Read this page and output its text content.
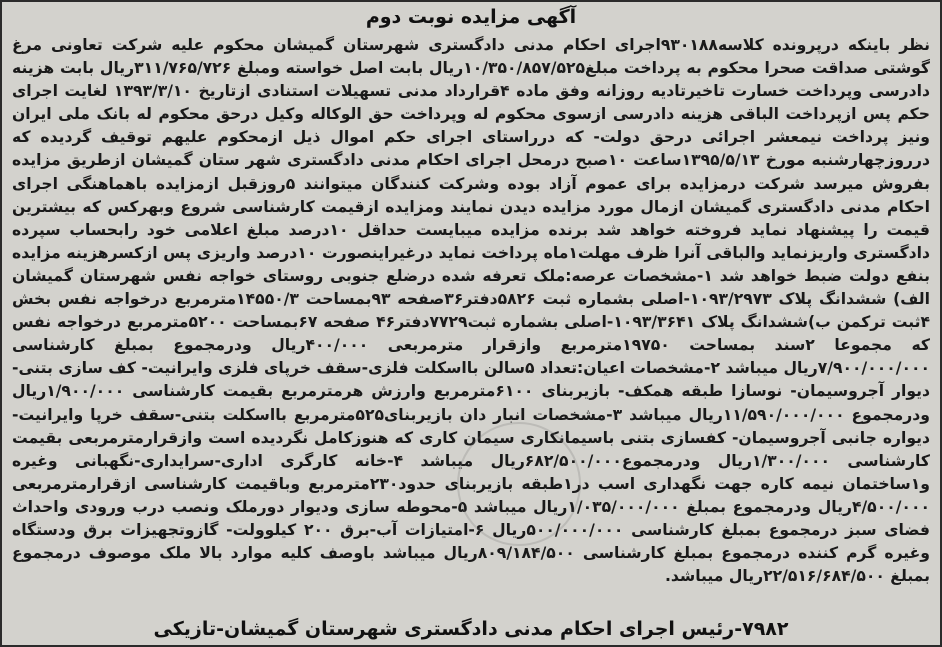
آگهی مزایده نوبت دوم
نظر باینکه درپرونده کلاسه۹۳۰۱۸۸اجرای احکام مدنی دادگستری شهرستان گمیشان محکوم علیه شرکت تعاونی مرغ گوشتی صداقت صحرا محکوم به پرداخت مبلغ۱۰/۳۵۰/۸۵۷/۵۲۵ریال بابت اصل خواسته ومبلغ ۳۱۱/۷۶۵/۷۲۶ریال بابت هزینه دادرسی وپرداخت خسارت تاخیرتادیه روزانه وفق ماده ۴قرارداد مدنی تسهیلات استنادی ازتاریخ ۱۳۹۳/۳/۱۰ لغایت اجرای حکم پس ازپرداخت الباقی هزینه دادرسی ازسوی محکوم له وپرداخت حق الوکاله وکیل درحق محکوم له بانک ملی ایران ونیز پرداخت نیمعشر اجرائی درحق دولت- که درراستای اجرای حکم اموال ذیل ازمحکوم علیهم توقیف گردیده که درروزچهارشنبه مورخ ۱۳۹۵/۵/۱۳ساعت ۱۰صبح درمحل اجرای احکام مدنی دادگستری شهر ستان گمیشان ازطریق مزایده بفروش میرسد شرکت درمزایده برای عموم آزاد بوده وشرکت کنندگان میتوانند ۵روزقبل ازمزایده باهماهنگی اجرای احکام مدنی دادگستری گمیشان ازمال مورد مزایده دیدن نمایند ومزایده ازقیمت کارشناسی شروع وبهرکس که بیشترین قیمت را پیشنهاد نماید فروخته خواهد شد برنده مزایده میبایست حداقل ۱۰درصد مبلغ اعلامی خود رابحساب سپرده دادگستری واریزنماید والباقی آنرا ظرف مهلت۱ماه پرداخت نماید درغیراینصورت ۱۰درصد واریزی پس ازکسرهزینه مزایده بنفع دولت ضبط خواهد شد ۱-مشخصات عرصه:ملک تعرفه شده درضلع جنوبی روستای خواجه نفس شهرستان گمیشان الف) ششدانگ پلاک ۱۰۹۳/۲۹۷۳-اصلی بشماره ثبت ۵۸۲۶دفتر۳۶صفحه ۹۳بمساحت ۱۴۵۵۰/۳مترمربع درخواجه نفس بخش ۴ثبت ترکمن ب)ششدانگ پلاک ۱۰۹۳/۳۶۴۱-اصلی بشماره ثبت۷۷۲۹دفتر۴۶ صفحه ۶۷بمساحت ۵۲۰۰مترمربع درخواجه نفس که مجموعا ۲سند بمساحت ۱۹۷۵۰مترمربع وازقرار مترمربعی ۴۰۰/۰۰۰ریال ودرمجموع بمبلغ کارشناسی ۷/۹۰۰/۰۰۰/۰۰۰ریال میباشد ۲-مشخصات اعیان:تعداد ۵سالن بااسکلت فلزی-سقف خرپای فلزی وایرانیت- کف سازی بتنی- دیوار آجروسیمان- نوسازا طبقه همکف- بازیربنای ۶۱۰۰مترمربع وارزش هرمترمربع بقیمت کارشناسی ۱/۹۰۰/۰۰۰ریال ودرمجموع ۱۱/۵۹۰/۰۰۰/۰۰۰ریال میباشد ۳-مشخصات انبار دان بازیربنای۵۲۵مترمربع بااسکلت بتنی-سقف خرپا وایرانیت-دیواره جانبی آجروسیمان- کفسازی بتنی باسیمانکاری سیمان کاری که هنوزکامل نگردیده است وازقرارمترمربعی بقیمت کارشناسی ۱/۳۰۰/۰۰۰ریال ودرمجموع۶۸۲/۵۰۰/۰۰۰ریال میباشد ۴-خانه کارگری اداری-سرایداری-نگهبانی وغیره و۱ساختمان نیمه کاره جهت نگهداری اسب در۱طبقه بازیربنای حدود۲۳۰مترمربع وباقیمت کارشناسی ازقرارمترمربعی ۴/۵۰۰/۰۰۰ریال ودرمجموع بمبلغ ۱/۰۳۵/۰۰۰/۰۰۰ریال میباشد ۵-محوطه سازی ودیوار دورملک ونصب درب ورودی واحداث فضای سبز درمجموع بمبلغ کارشناسی ۵۰۰/۰۰۰/۰۰۰ریال ۶-امتیازات آب-برق ۲۰۰ کیلوولت- گازوتجهیزات برق ودستگاه وغیره گرم کننده درمجموع بمبلغ کارشناسی ۸۰۹/۱۸۴/۵۰۰ریال میباشد باوصف کلیه موارد بالا ملک موصوف درمجموع بمبلغ ۲۲/۵۱۶/۶۸۴/۵۰۰ریال میباشد.
۷۹۸۲-رئیس اجرای احکام مدنی دادگستری شهرستان گمیشان-تازیکی
